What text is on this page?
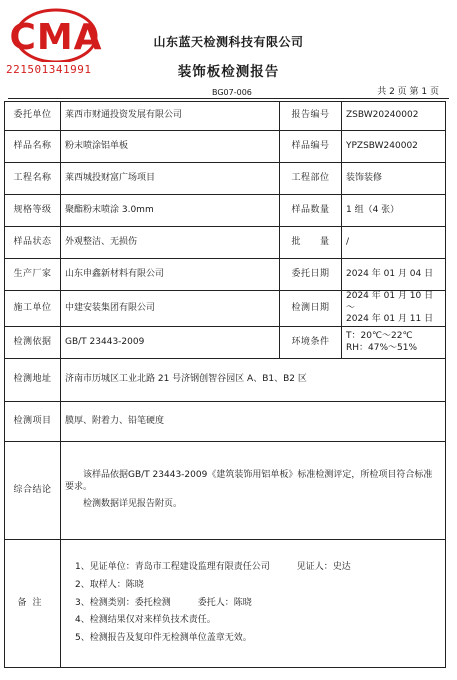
CMA
221501341991
山东蓝天检测科技有限公司
装饰板检测报告
共 2 页 第 1 页
BG07-006
委托单位	莱西市财通投资发展有限公司	报告编号	ZSBW20240002
样品名称	粉末喷涂铝单板	样品编号	YPZSBW240002
工程名称	莱西城投财富广场项目	工程部位	装饰装修
规格等级	聚酯粉末喷涂 3.0mm	样品数量	1 组（4 张）
样品状态	外观整洁、无损伤	批　　量	/
生产厂家	山东申鑫新材料有限公司	委托日期	2024 年 01 月 04 日
施工单位	中建安装集团有限公司	检测日期	2024 年 01 月 10 日～
2024 年 01 月 11 日

检测依据	GB/T 23443-2009	环境条件	T：20℃～22℃
RH：47%～51%

检测地址	济南市历城区工业北路 21 号济钢创智谷园区 A、B1、B2 区		
检测项目	膜厚、附着力、铅笔硬度		
综合结论	该样品依据GB/T 23443-2009《建筑装饰用铝单板》标准检测评定，所检项目符合标准要求。

检测数据详见报告附页。		

备注	1、见证单位：青岛市工程建设监理有限责任公司　　　见证人：史达
2、取样人：陈晓
3、检测类别：委托检测　　　委托人：陈晓
4、检测结果仅对来样负技术责任。
5、检测报告及复印件无检测单位盖章无效。		
